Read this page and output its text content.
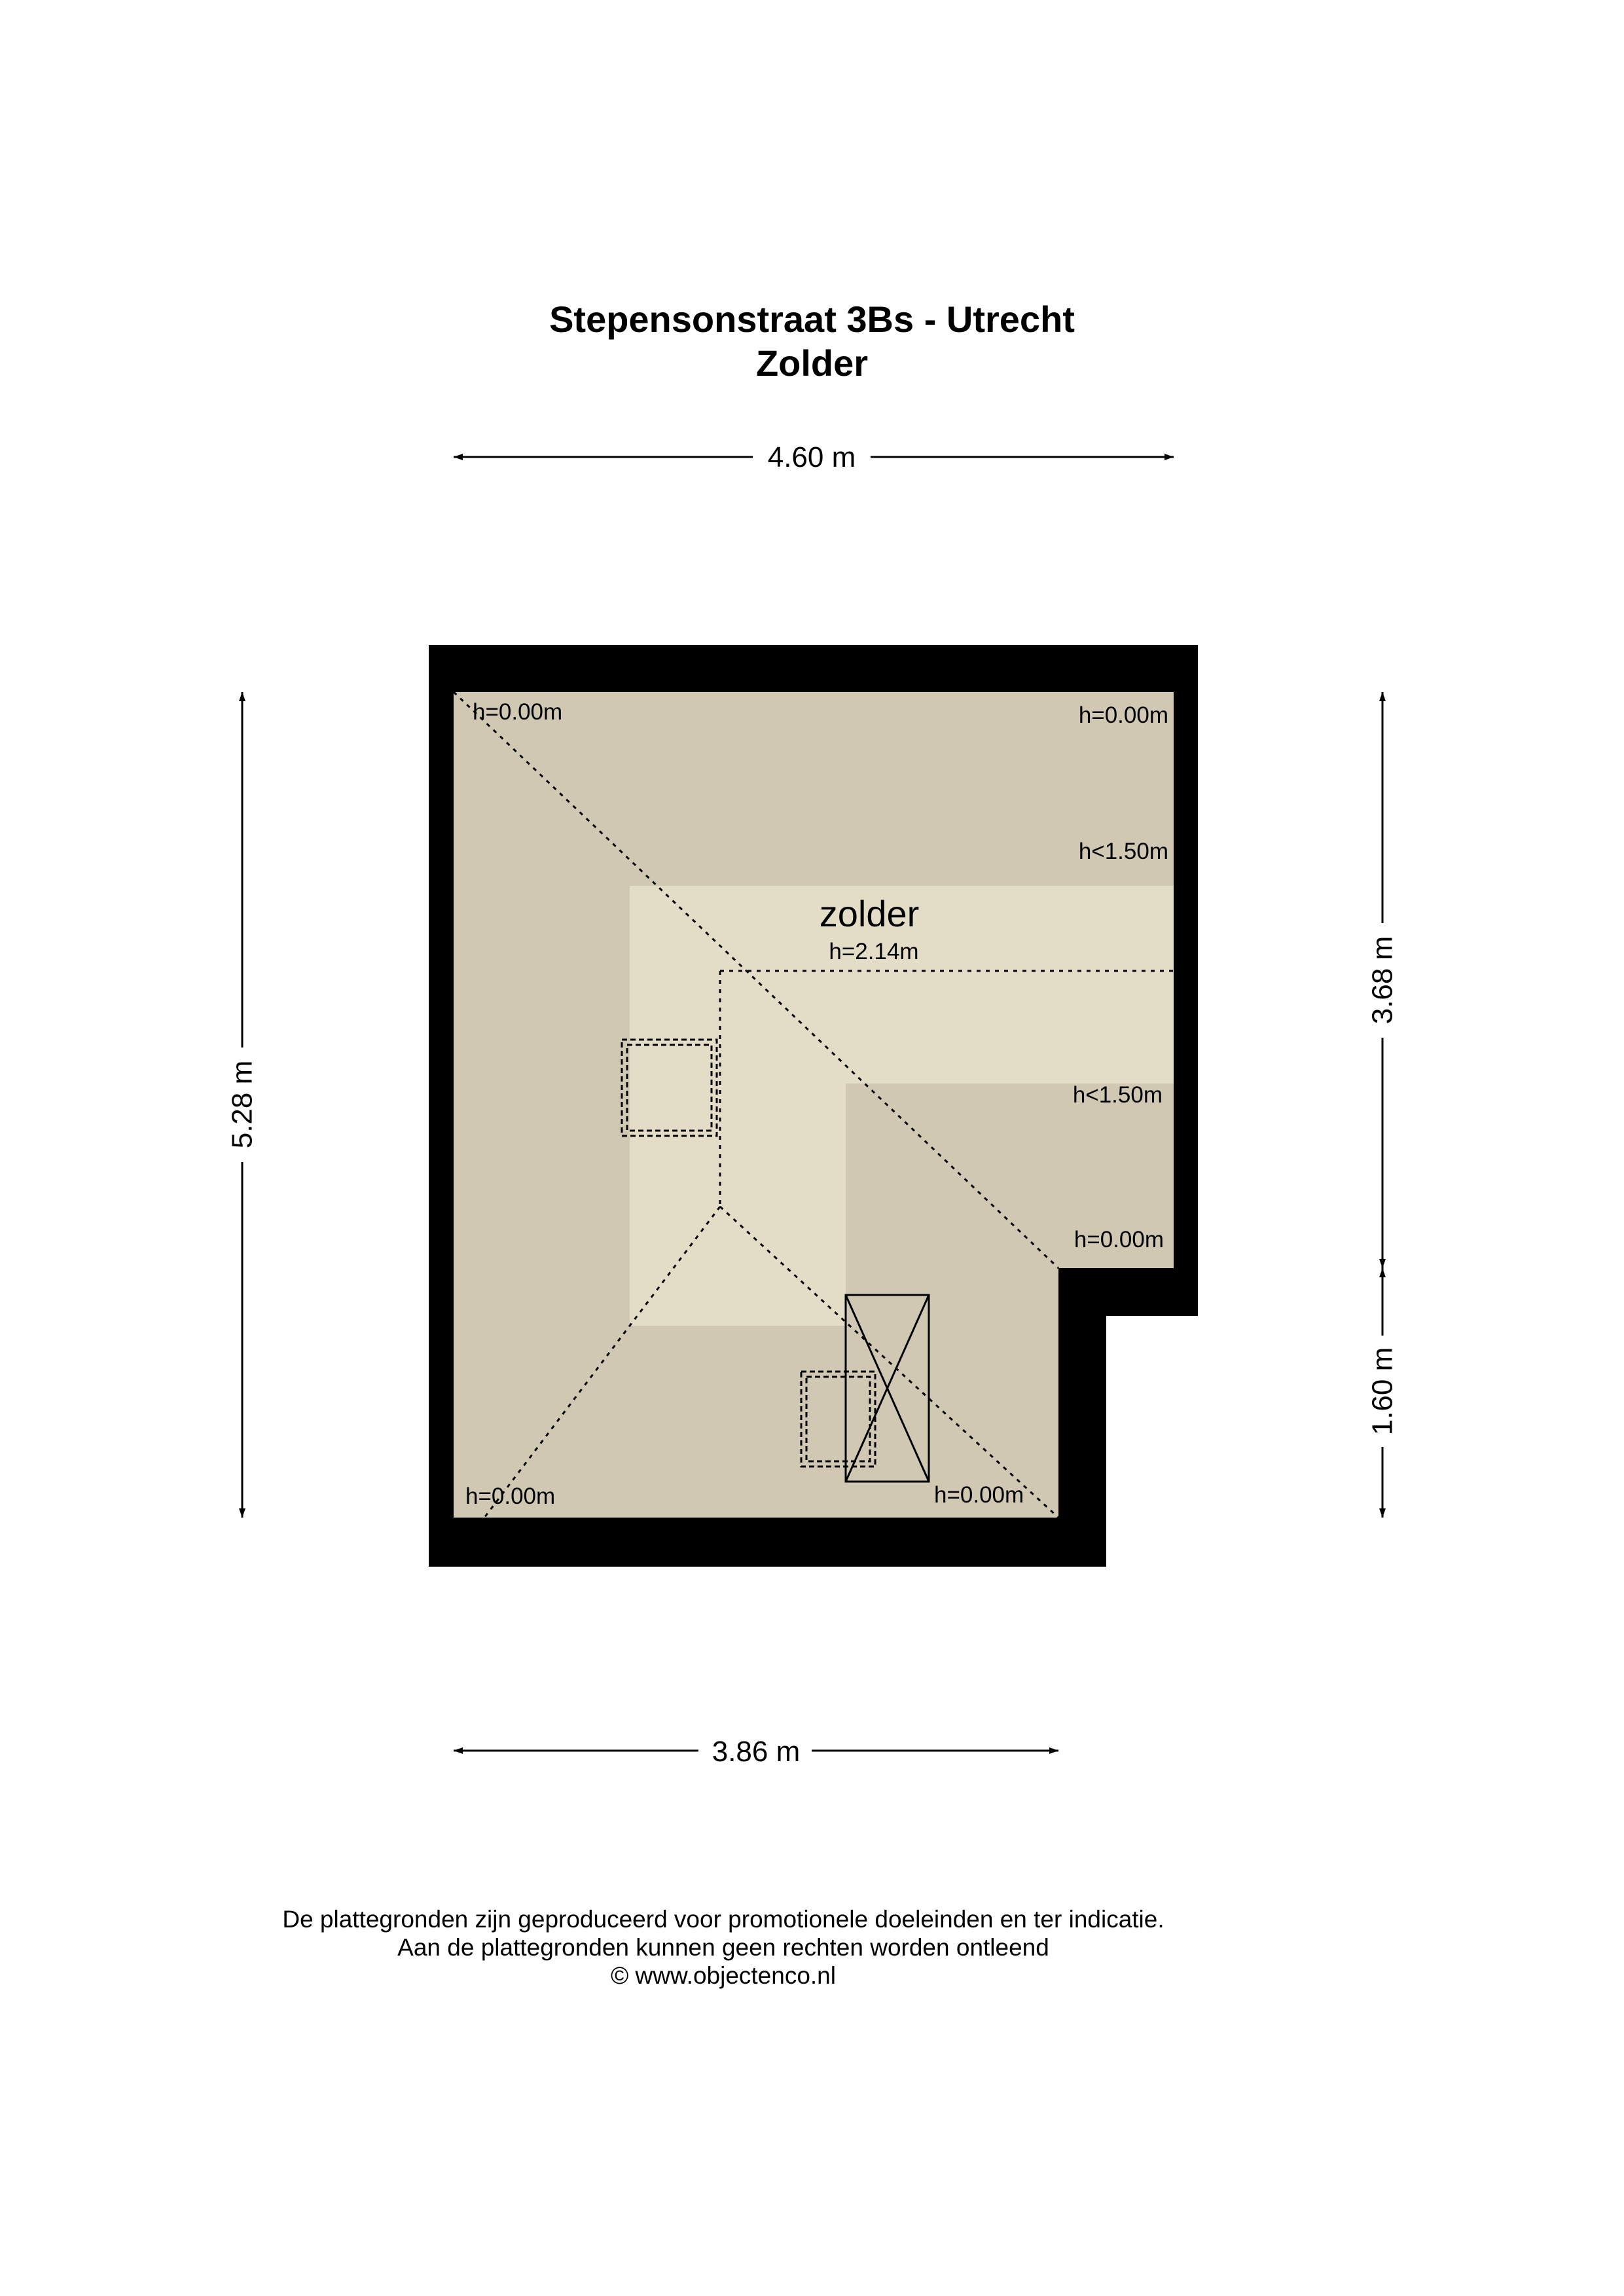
Stepensonstraat 3Bs - Utrecht
Zolder
h=0.00m	h=0.00m
h<1.50m
h<1.50m
h=0.00m
h=0.00m	h=0.00m
zolder
h=2.14m
4.60 m
3.86 m
5.28 m
3.68 m
1.60 m
De plattegronden zijn geproduceerd voor promotionele doeleinden en ter indicatie.
Aan de plattegronden kunnen geen rechten worden ontleend
© www.objectenco.nl
